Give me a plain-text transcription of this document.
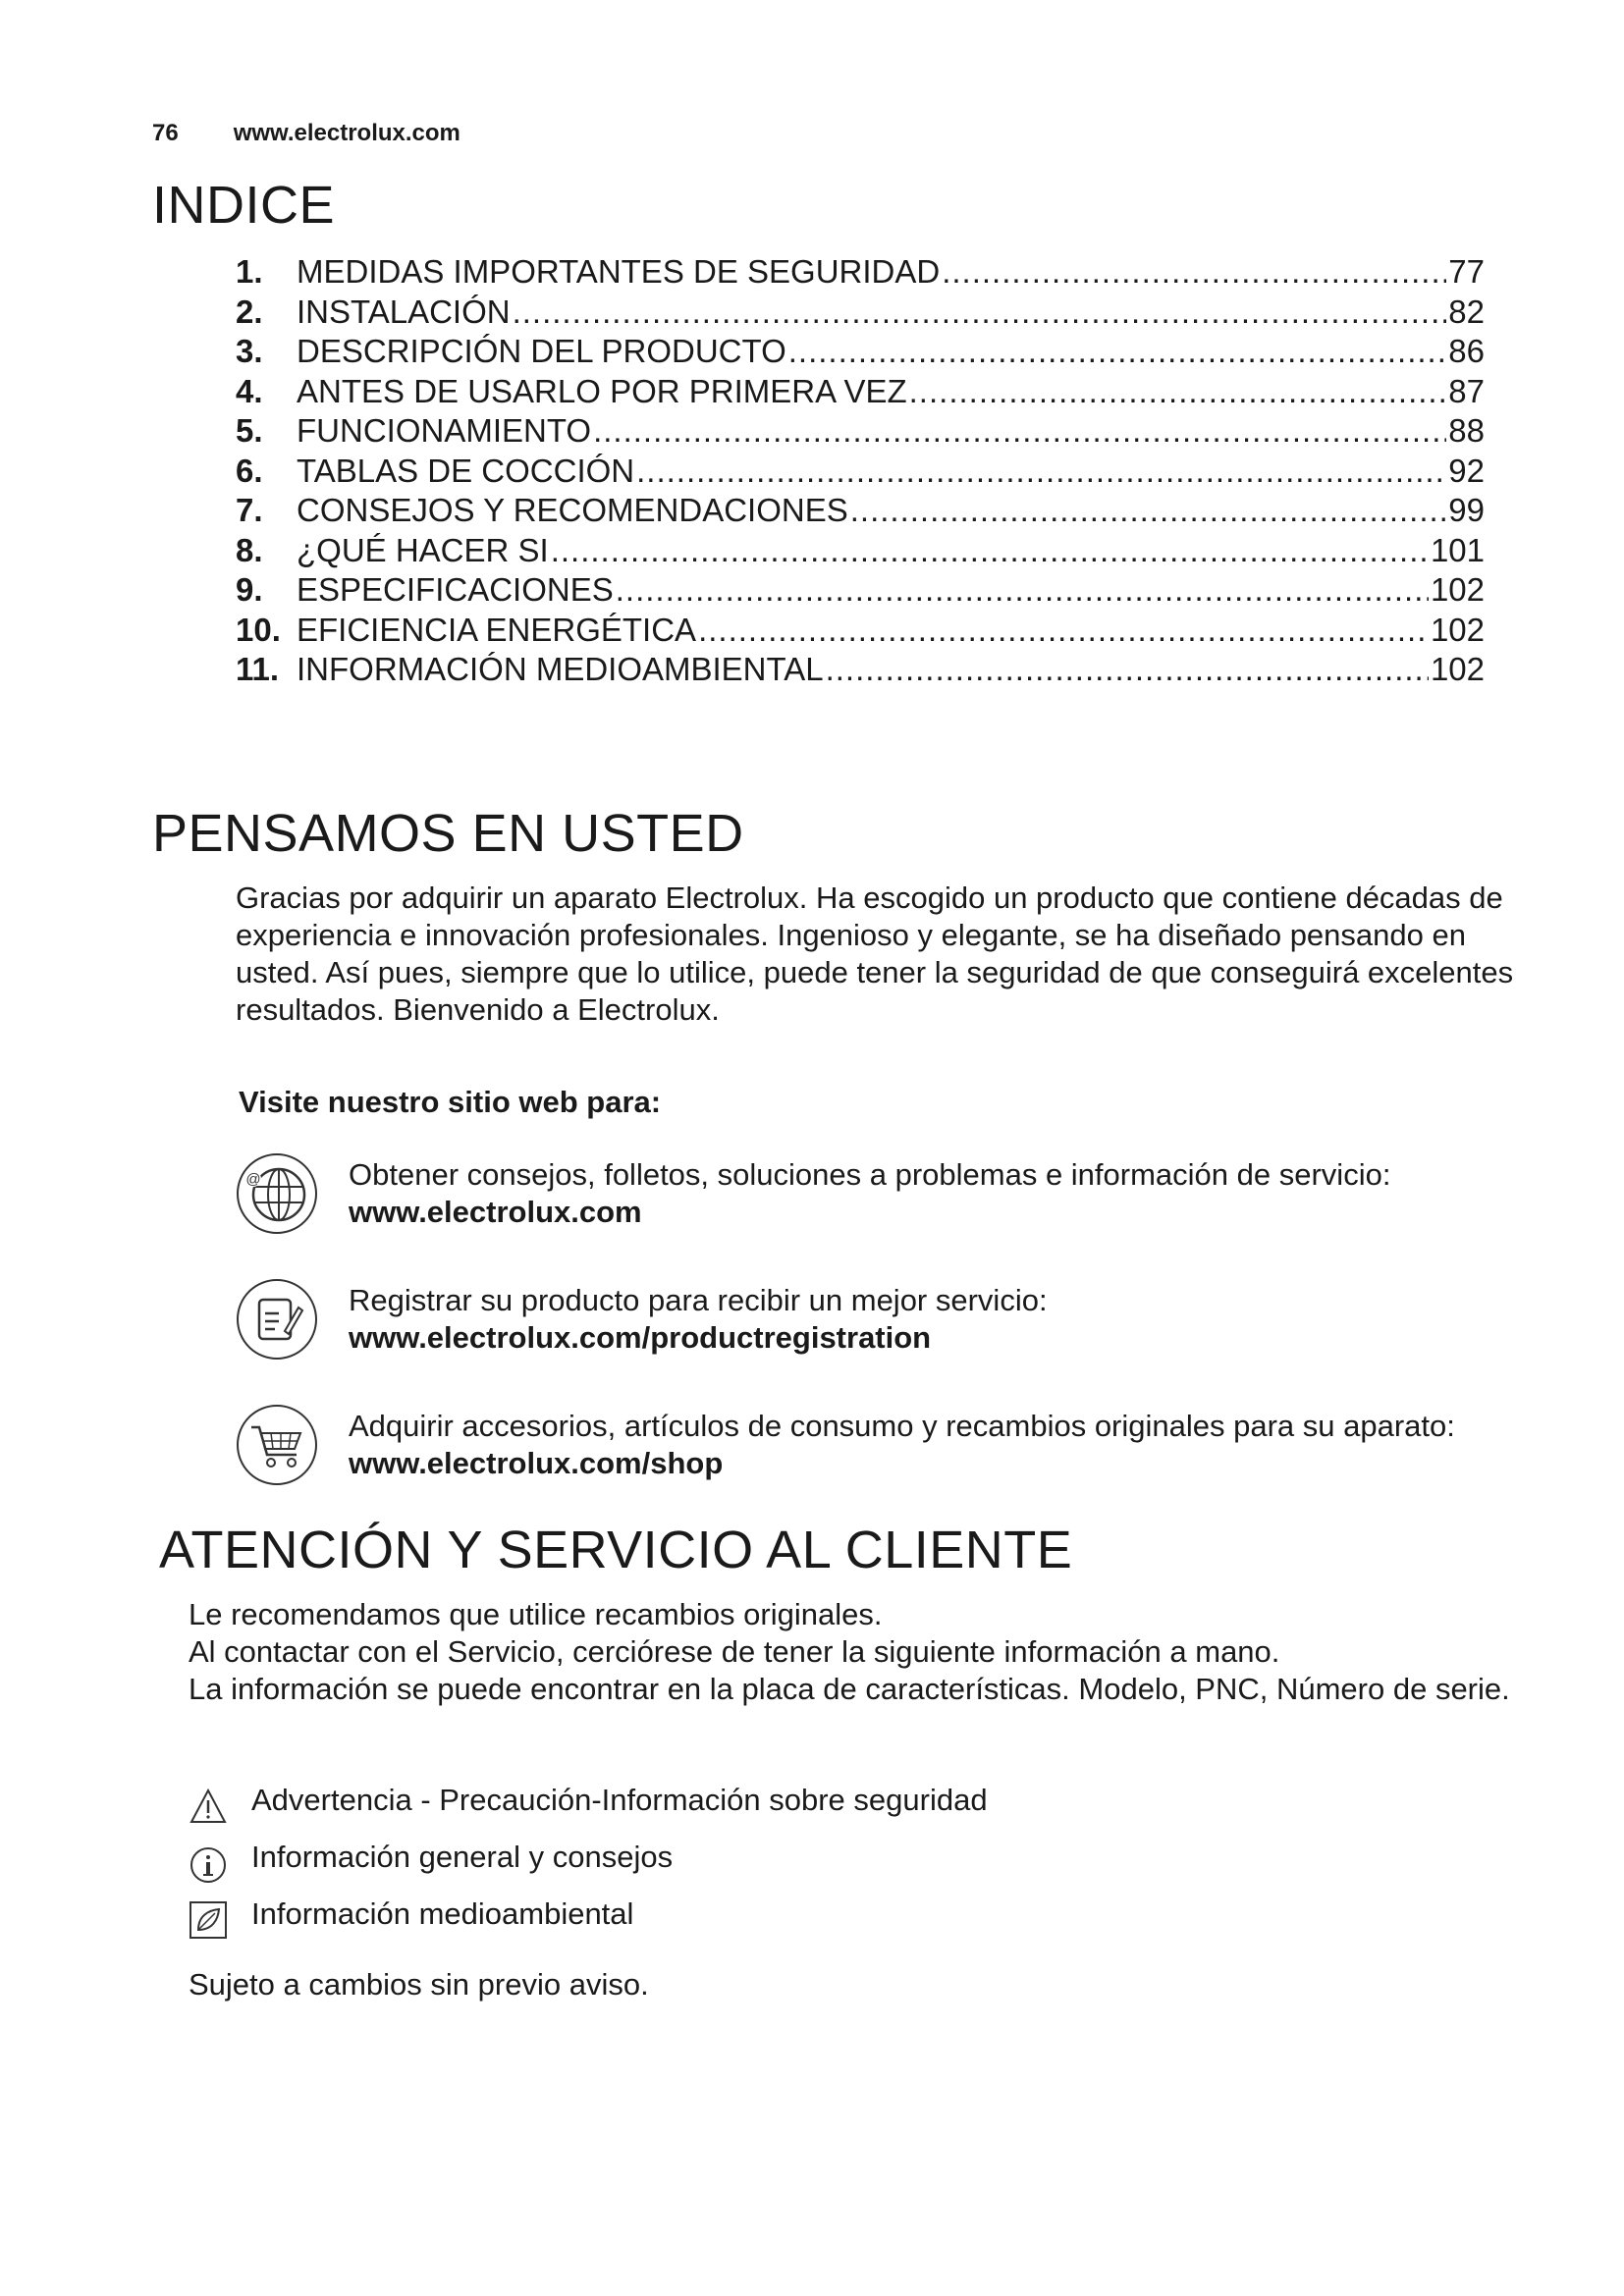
76 www.electrolux.com
INDICE
1.	MEDIDAS IMPORTANTES DE SEGURIDAD .....	77
2.	INSTALACIÓN .....	82
3.	DESCRIPCIÓN DEL PRODUCTO .....	86
4.	ANTES DE USARLO POR PRIMERA VEZ .....	87
5.	FUNCIONAMIENTO .....	88
6.	TABLAS DE COCCIÓN .....	92
7.	CONSEJOS Y RECOMENDACIONES .....	99
8.	¿QUÉ HACER SI .....	101
9.	ESPECIFICACIONES .....	102
10. EFICIENCIA ENERGÉTICA .....	102
11. INFORMACIÓN MEDIOAMBIENTAL .....	102
PENSAMOS EN USTED
Gracias por adquirir un aparato Electrolux. Ha escogido un producto que contiene décadas de
experiencia e innovación profesionales. Ingenioso y elegante, se ha diseñado pensando en
usted. Así pues, siempre que lo utilice, puede tener la seguridad de que conseguirá excelentes
resultados. Bienvenido a Electrolux.
Visite nuestro sitio web para:
@	Obtener consejos, folletos, soluciones a problemas e información de servicio:
www.electrolux.com
Registrar su producto para recibir un mejor servicio:
www.electrolux.com/productregistration
Adquirir accesorios, artículos de consumo y recambios originales para su aparato:
www.electrolux.com/shop
ATENCIÓN Y SERVICIO AL CLIENTE
Le recomendamos que utilice recambios originales.
Al contactar con el Servicio, cerciórese de tener la siguiente información a mano.
La información se puede encontrar en la placa de características. Modelo, PNC, Número de serie.
Advertencia - Precaución-Información sobre seguridad
Información general y consejos
Información medioambiental
Sujeto a cambios sin previo aviso.
